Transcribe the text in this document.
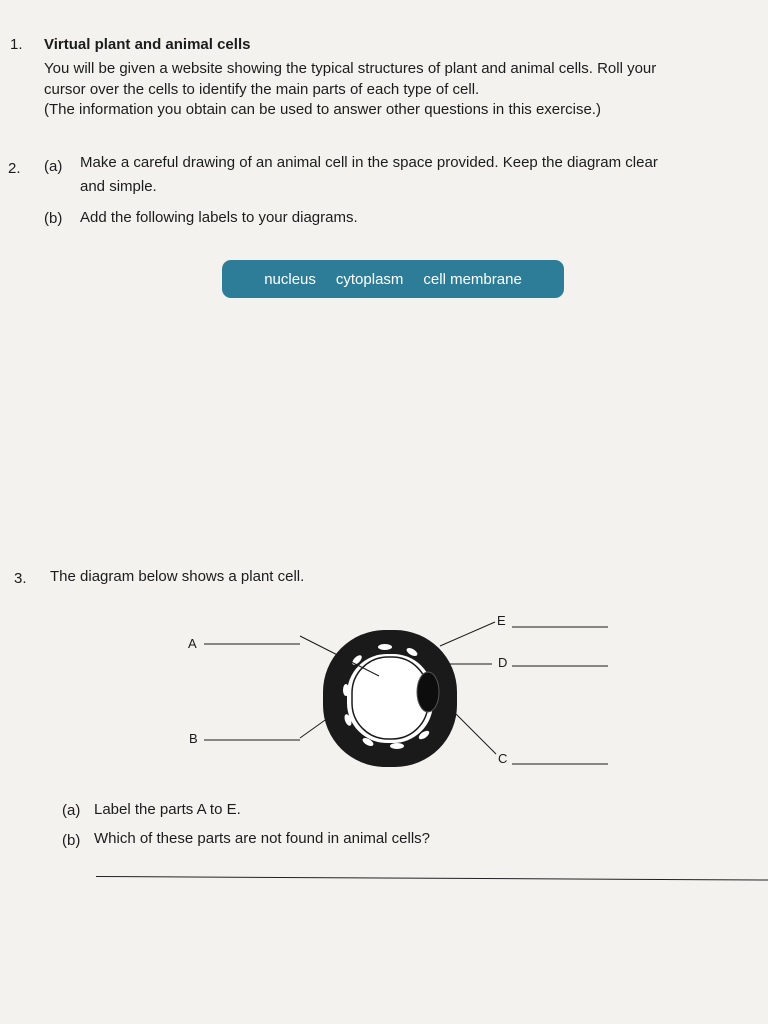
1. Virtual plant and animal cells
You will be given a website showing the typical structures of plant and animal cells. Roll your
cursor over the cells to identify the main parts of each type of cell.
(The information you obtain can be used to answer other questions in this exercise.)
2. (a) Make a careful drawing of an animal cell in the space provided. Keep the diagram clear
and simple.
(b) Add the following labels to your diagrams.
nucleus cytoplasm cell membrane
3. The diagram below shows a plant cell.
A
B
E
D
C
(a) Label the parts A to E.
(b) Which of these parts are not found in animal cells?
